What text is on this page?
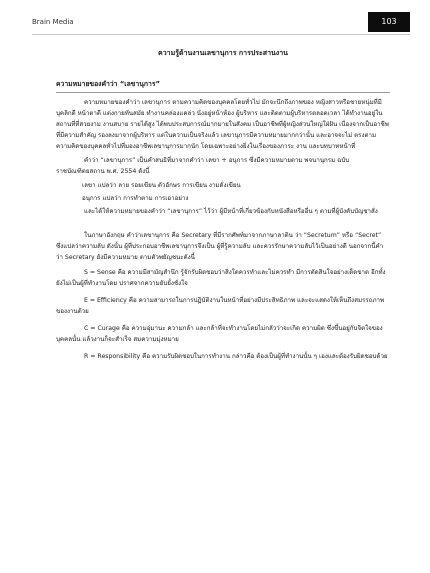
Brain Media	103
ความรู้ด้านงานเลขานุการ การประสานงาน
ความหมายของคำว่า “เลขานุการ”

ความหมายของคำว่า เลขานุการ ตามความคิดของบุคคลโดยทั่วไป มักจะนึกถึงภาพของ หญิงสาวหรือชายหนุ่มที่มีบุคลิกดี หน้าตาดี แต่งกายทันสมัย ทำงานคล่องแคล่ว นั่งอยู่หน้าห้อง ผู้บริหาร และติดตามผู้บริหารตลอดเวลา ได้ทำงานอยู่ในสถานที่ที่สวยงาม งานสบาย รายได้สูง ได้พบประสบการณ์มากมายในสังคม เป็นอาชีพที่ผู้หญิงส่วนใหญ่ใฝ่ฝัน เนื่องจากเป็นอาชีพที่มีความสำคัญ รองลงมาจากผู้บริหาร แต่ในความเป็นจริงแล้ว เลขานุการมีความหมายมากกว่านั้น และอาจจะไม่ ตรงตามความคิดของบุคคลทั่วไปที่มองอาชีพเลขานุการมากนัก โดยเฉพาะอย่างยิ่งในเรื่องของภาระ งาน และบทบาทหน้าที่

คำว่า “เลขานุการ” เป็นคำสนธิที่มาจากคำว่า เลขา + อนุการ ซึ่งมีความหมายตาม พจนานุกรม ฉบับราชบัณฑิตยสถาน พ.ศ. 2554 ดังนี้

เลขา แปลว่า ลาย รอยเขียน ตัวอักษร การเขียน งามดั่งเขียน

อนุการ แปลว่า การทำตาม การเอาอย่าง

และได้ให้ความหมายของคำว่า “เลขานุการ” ไว้ว่า ผู้มีหน้าที่เกี่ยวข้องกับหนังสือหรืออื่น ๆ ตามที่ผู้บังคับบัญชาสั่ง

ในภาษาอังกฤษ คำว่าเลขานุการ คือ Secretary ที่มีรากศัพท์มาจากภาษาลาติน ว่า “Secretum” หรือ “Secret” ซึ่งแปลว่าความลับ ดังนั้น ผู้ที่ประกอบอาชีพเลขานุการจึงเป็น ผู้ที่รู้ความลับ และควรรักษาความลับไว้เป็นอย่างดี นอกจากนี้คำว่า Secretary ยังมีความหมาย ตามตัวพยัญชนะดังนี้

S = Sense คือ ความมีสามัญสำนึก รู้จักรับผิดชอบว่าสิ่งใดควรทำและไม่ควรทำ มีการตัดสินใจอย่างเด็ดขาด อีกทั้งยังไม่เป็นผู้ที่ทำงานโดย ปราศจากความยับยั้งชั่งใจ

E = Efficiency คือ ความสามารถในการปฏิบัติงานในหน้าที่อย่างมีประสิทธิภาพ และจะแสดงให้เห็นถึงสมรรถภาพของงานด้วย

C = Curage คือ ความอุ่มานะ ความกล้า และกล้าที่จะทำงานโดยไม่กลัวว่าจะเกิด ความผิด ซึ่งขึ้นอยู่กับจิตใจของบุคคลนั้น แล้วงานก็จะสำเร็จ สมความมุ่งหมาย

R = Responsibility คือ ความรับผิดชอบในการทำงาน กล่าวคือ ต้องเป็นผู้ที่ทำงานนั้น ๆ เองและต้องรับผิดชอบด้วย
